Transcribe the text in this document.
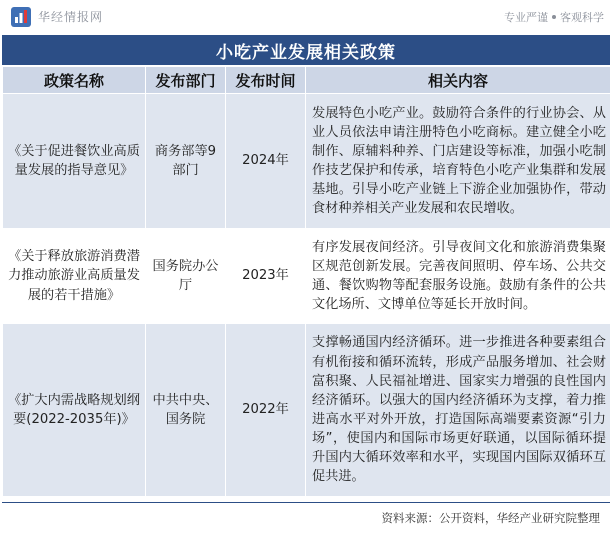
华经情报网	专业严谨 客观科学
小吃产业发展相关政策
政策名称	发布部门	发布时间	相关内容
《关于促进餐饮业高质量发展的指导意见》	商务部等9部门	2024年	发展特色小吃产业。鼓励符合条件的行业协会、从业人员依法申请注册特色小吃商标。建立健全小吃制作、原辅料种养、门店建设等标准，加强小吃制作技艺保护和传承，培育特色小吃产业集群和发展基地。引导小吃产业链上下游企业加强协作，带动食材种养相关产业发展和农民增收。
《关于释放旅游消费潜力推动旅游业高质量发展的若干措施》	国务院办公厅	2023年	有序发展夜间经济。引导夜间文化和旅游消费集聚区规范创新发展。完善夜间照明、停车场、公共交通、餐饮购物等配套服务设施。鼓励有条件的公共文化场所、文博单位等延长开放时间。
《扩大内需战略规划纲要(2022-2035年)》	中共中央、国务院	2022年	支撑畅通国内经济循环。进一步推进各种要素组合有机衔接和循环流转，形成产品服务增加、社会财富积聚、人民福祉增进、国家实力增强的良性国内经济循环。以强大的国内经济循环为支撑，着力推进高水平对外开放，打造国际高端要素资源“引力场”，使国内和国际市场更好联通，以国际循环提升国内大循环效率和水平，实现国内国际双循环互促共进。
资料来源：公开资料，华经产业研究院整理
